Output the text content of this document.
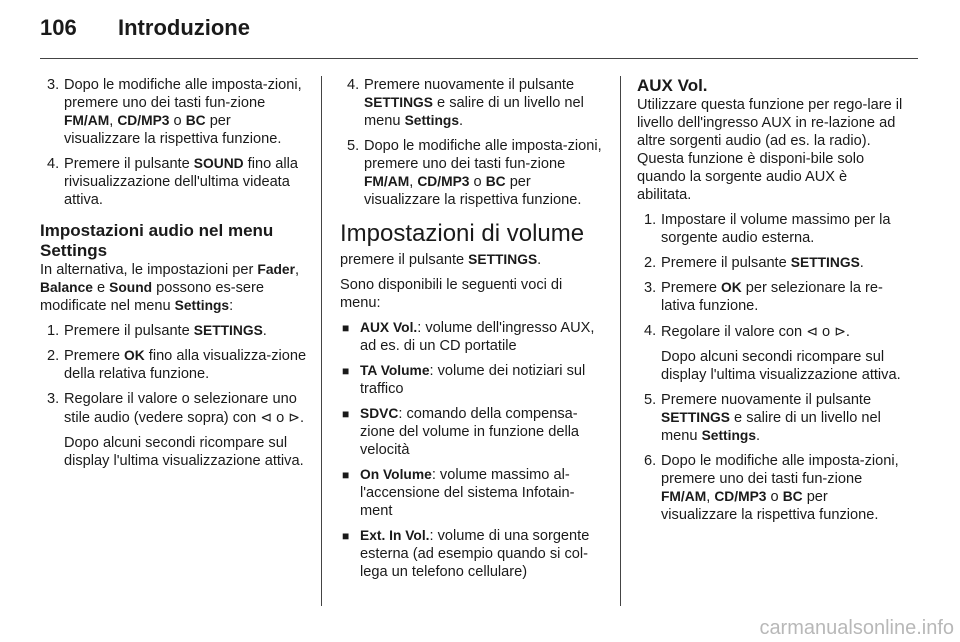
106 Introduzione
3. Dopo le modifiche alle imposta-zioni, premere uno dei tasti fun-zione FM/AM, CD/MP3 o BC per visualizzare la rispettiva funzione.
4. Premere il pulsante SOUND fino alla rivisualizzazione dell'ultima videata attiva.
Impostazioni audio nel menu Settings
In alternativa, le impostazioni per Fader, Balance e Sound possono es-sere modificate nel menu Settings:
1. Premere il pulsante SETTINGS.
2. Premere OK fino alla visualizza-zione della relativa funzione.
3. Regolare il valore o selezionare uno stile audio (vedere sopra) con ⊲ o ⊳.
Dopo alcuni secondi ricompare sul display l'ultima visualizzazione attiva.
4. Premere nuovamente il pulsante SETTINGS e salire di un livello nel menu Settings.
5. Dopo le modifiche alle imposta-zioni, premere uno dei tasti fun-zione FM/AM, CD/MP3 o BC per visualizzare la rispettiva funzione.
Impostazioni di volume
premere il pulsante SETTINGS.
Sono disponibili le seguenti voci di menu:
■ AUX Vol.: volume dell'ingresso AUX, ad es. di un CD portatile
■ TA Volume: volume dei notiziari sul traffico
■ SDVC: comando della compensa-zione del volume in funzione della velocità
■ On Volume: volume massimo al-l'accensione del sistema Infotain-ment
■ Ext. In Vol.: volume di una sorgente esterna (ad esempio quando si col-lega un telefono cellulare)
AUX Vol.
Utilizzare questa funzione per rego-lare il livello dell'ingresso AUX in re-lazione ad altre sorgenti audio (ad es. la radio). Questa funzione è disponi-bile solo quando la sorgente audio AUX è abilitata.
1. Impostare il volume massimo per la sorgente audio esterna.
2. Premere il pulsante SETTINGS.
3. Premere OK per selezionare la re-lativa funzione.
4. Regolare il valore con ⊲ o ⊳.
Dopo alcuni secondi ricompare sul display l'ultima visualizzazione attiva.
5. Premere nuovamente il pulsante SETTINGS e salire di un livello nel menu Settings.
6. Dopo le modifiche alle imposta-zioni, premere uno dei tasti fun-zione FM/AM, CD/MP3 o BC per visualizzare la rispettiva funzione.
carmanualsonline.info
